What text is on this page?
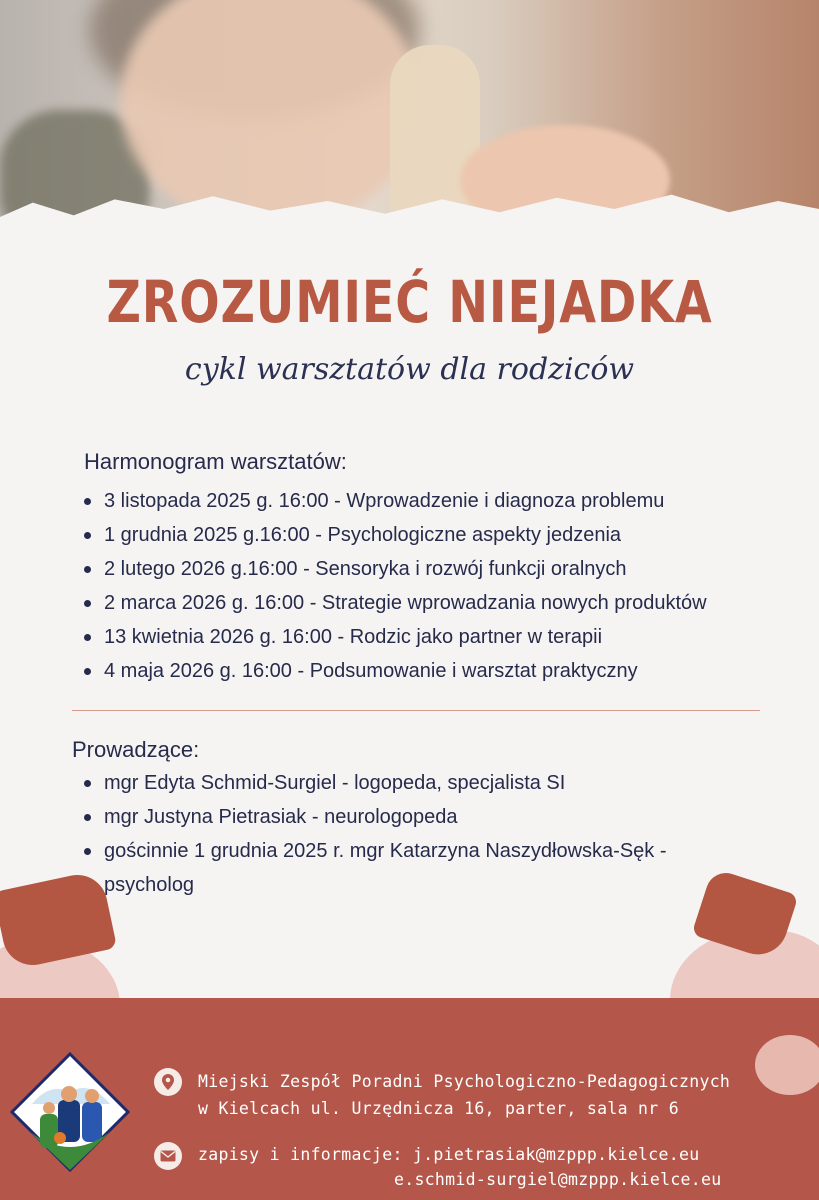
ZROZUMIEĆ NIEJADKA
cykl warsztatów dla rodziców
Harmonogram warsztatów:
3 listopada 2025 g. 16:00 - Wprowadzenie i diagnoza problemu
1 grudnia 2025 g.16:00 - Psychologiczne aspekty jedzenia
2 lutego 2026 g.16:00 - Sensoryka i rozwój funkcji oralnych
2 marca 2026 g. 16:00 - Strategie wprowadzania nowych produktów
13 kwietnia 2026 g. 16:00 - Rodzic jako partner w terapii
4 maja 2026 g. 16:00 - Podsumowanie i warsztat praktyczny
Prowadzące:
mgr Edyta Schmid-Surgiel - logopeda, specjalista SI
mgr Justyna Pietrasiak - neurologopeda
gościnnie 1 grudnia 2025 r. mgr Katarzyna Naszydłowska-Sęk - psycholog
Miejski Zespół Poradni Psychologiczno-Pedagogicznych
w Kielcach ul. Urzędnicza 16, parter, sala nr 6
zapisy i informacje: j.pietrasiak@mzppp.kielce.eu
e.schmid-surgiel@mzppp.kielce.eu
